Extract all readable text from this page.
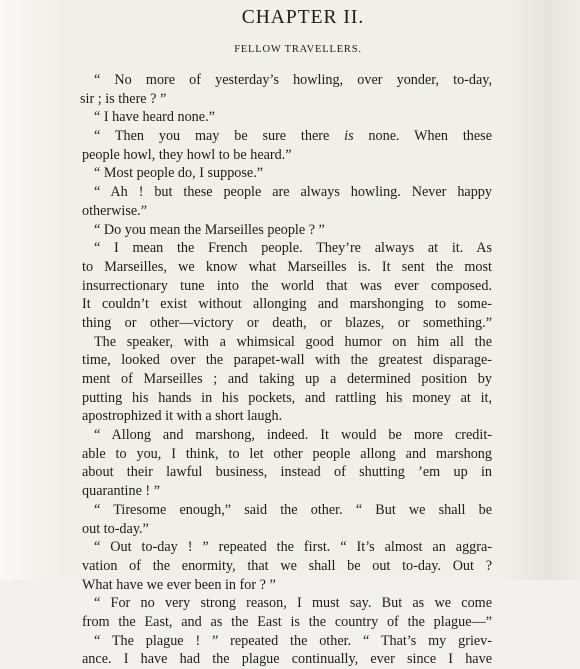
CHAPTER II.
FELLOW TRAVELLERS.
“ No more of yesterday’s howling, over yonder, to-day,
sir ; is there ? ”
“ I have heard none.”
“ Then you may be sure there is none. When these
people howl, they howl to be heard.”
“ Most people do, I suppose.”
“ Ah ! but these people are always howling. Never happy
otherwise.”
“ Do you mean the Marseilles people ? ”
“ I mean the French people. They’re always at it. As
to Marseilles, we know what Marseilles is. It sent the most
insurrectionary tune into the world that was ever composed.
It couldn’t exist without allonging and marshonging to some-
thing or other—victory or death, or blazes, or something.”
The speaker, with a whimsical good humor on him all the
time, looked over the parapet-wall with the greatest disparage-
ment of Marseilles ; and taking up a determined position by
putting his hands in his pockets, and rattling his money at it,
apostrophized it with a short laugh.
“ Allong and marshong, indeed. It would be more credit-
able to you, I think, to let other people allong and marshong
about their lawful business, instead of shutting ’em up in
quarantine ! ”
“ Tiresome enough,” said the other. “ But we shall be
out to-day.”
“ Out to-day ! ” repeated the first. “ It’s almost an aggra-
vation of the enormity, that we shall be out to-day. Out ?
What have we ever been in for ? ”
“ For no very strong reason, I must say. But as we come
from the East, and as the East is the country of the plague—”
“ The plague ! ” repeated the other. “ That’s my griev-
ance. I have had the plague continually, ever since I have
